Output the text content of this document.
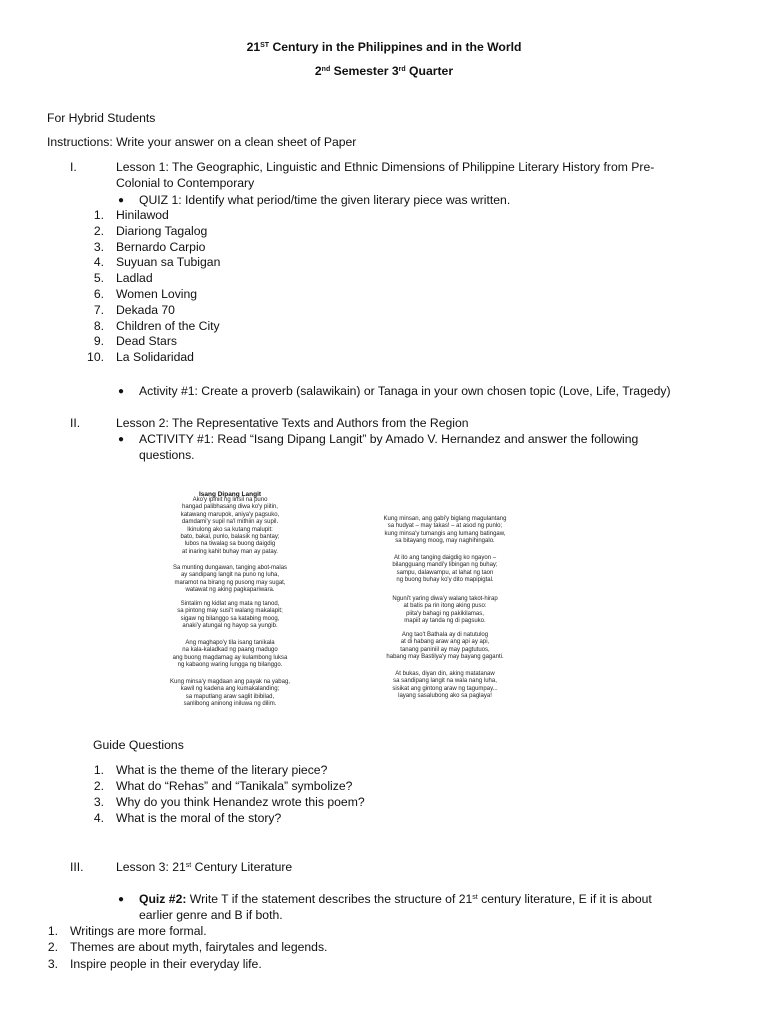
21ST Century in the Philippines and in the World
2nd Semester 3rd Quarter
For Hybrid Students
Instructions: Write your answer on a clean sheet of Paper
I.	Lesson 1: The Geographic, Linguistic and Ethnic Dimensions of Philippine Literary History from Pre-
Colonial to Contemporary
● QUIZ 1: Identify what period/time the given literary piece was written.
1. Hinilawod
2. Diariong Tagalog
3. Bernardo Carpio
4. Suyuan sa Tubigan
5. Ladlad
6. Women Loving
7. Dekada 70
8. Children of the City
9. Dead Stars
10. La Solidaridad
● Activity #1: Create a proverb (salawikain) or Tanaga in your own chosen topic (Love, Life, Tragedy)
II.	Lesson 2: The Representative Texts and Authors from the Region
● ACTIVITY #1: Read “Isang Dipang Langit” by Amado V. Hernandez and answer the following
questions.
Isang Dipang Langit
Ako'y ipiniit ng linsil na puno
hangad palibhasang diwa ko'y piitin,
katawang marupok, aniya'y pagsuko,
damdami'y supil na'l mithiin ay supil.
Ikinulong ako sa kutang malupit:
bato, bakal, punlo, balasik ng bantay;
lubos na tiwalag sa buong daigdig
at inaring kahit buhay man ay patay.
Sa munting dungawan, tanging abot-malas
ay sandipang langit na puno ng luha,
maramot na birang ng pusong may sugat,
watawat ng aking pagkapariwara.
Sintalim ng kidlat ang mata ng tanod,
sa pintong may susi't walang makalapit;
sigaw ng bilanggo sa katabing moog,
anaki'y atungal ng hayop sa yungib.
Ang maghapo'y tila isang tanikala
na kala-kaladkad ng paang madugo
ang buong magdamag ay kulambong luksa
ng kabaong waring lungga ng bilanggo.
Kung minsa'y magdaan ang payak na yabag,
kawil ng kadena ang kumakalanding;
sa maputlang araw saglit ibibilad,
sanlibong aninong iniluwa ng dilim.
Kung minsan, ang gabi'y biglang magulantang
sa hudyat – may takas! – at asod ng punlo;
kung minsa'y tumangis ang lumang batingaw,
sa bitayang moog, may naghihingalo.
At ito ang tanging daigdig ko ngayon –
bilangguang mandi'y libingan ng buhay;
sampu, dalawampu, at lahat ng taon
ng buong buhay ko'y dito mapipigtal.
Nguni't yaring diwa'y walang takot-hirap
at batis pa rin itong aking puso:
piita'y bahagi ng pakikilamas,
mapiit ay tanda ng di pagsuko.
Ang tao't Bathala ay di natutulog
at di habang araw ang api ay api,
tanang paniniil ay may pagtutuos,
habang may Bastilya'y may bayang gaganti.
At bukas, diyan din, aking matatanaw
sa sandipang langit na wala nang luha,
sisikat ang gintong araw ng tagumpay...
layang sasalubong ako sa paglaya!
Guide Questions
1. What is the theme of the literary piece?
2. What do “Rehas” and “Tanikala” symbolize?
3. Why do you think Henandez wrote this poem?
4. What is the moral of the story?
III.	Lesson 3: 21st Century Literature
● Quiz #2: Write T if the statement describes the structure of 21st century literature, E if it is about
earlier genre and B if both.
1. Writings are more formal.
2. Themes are about myth, fairytales and legends.
3. Inspire people in their everyday life.
